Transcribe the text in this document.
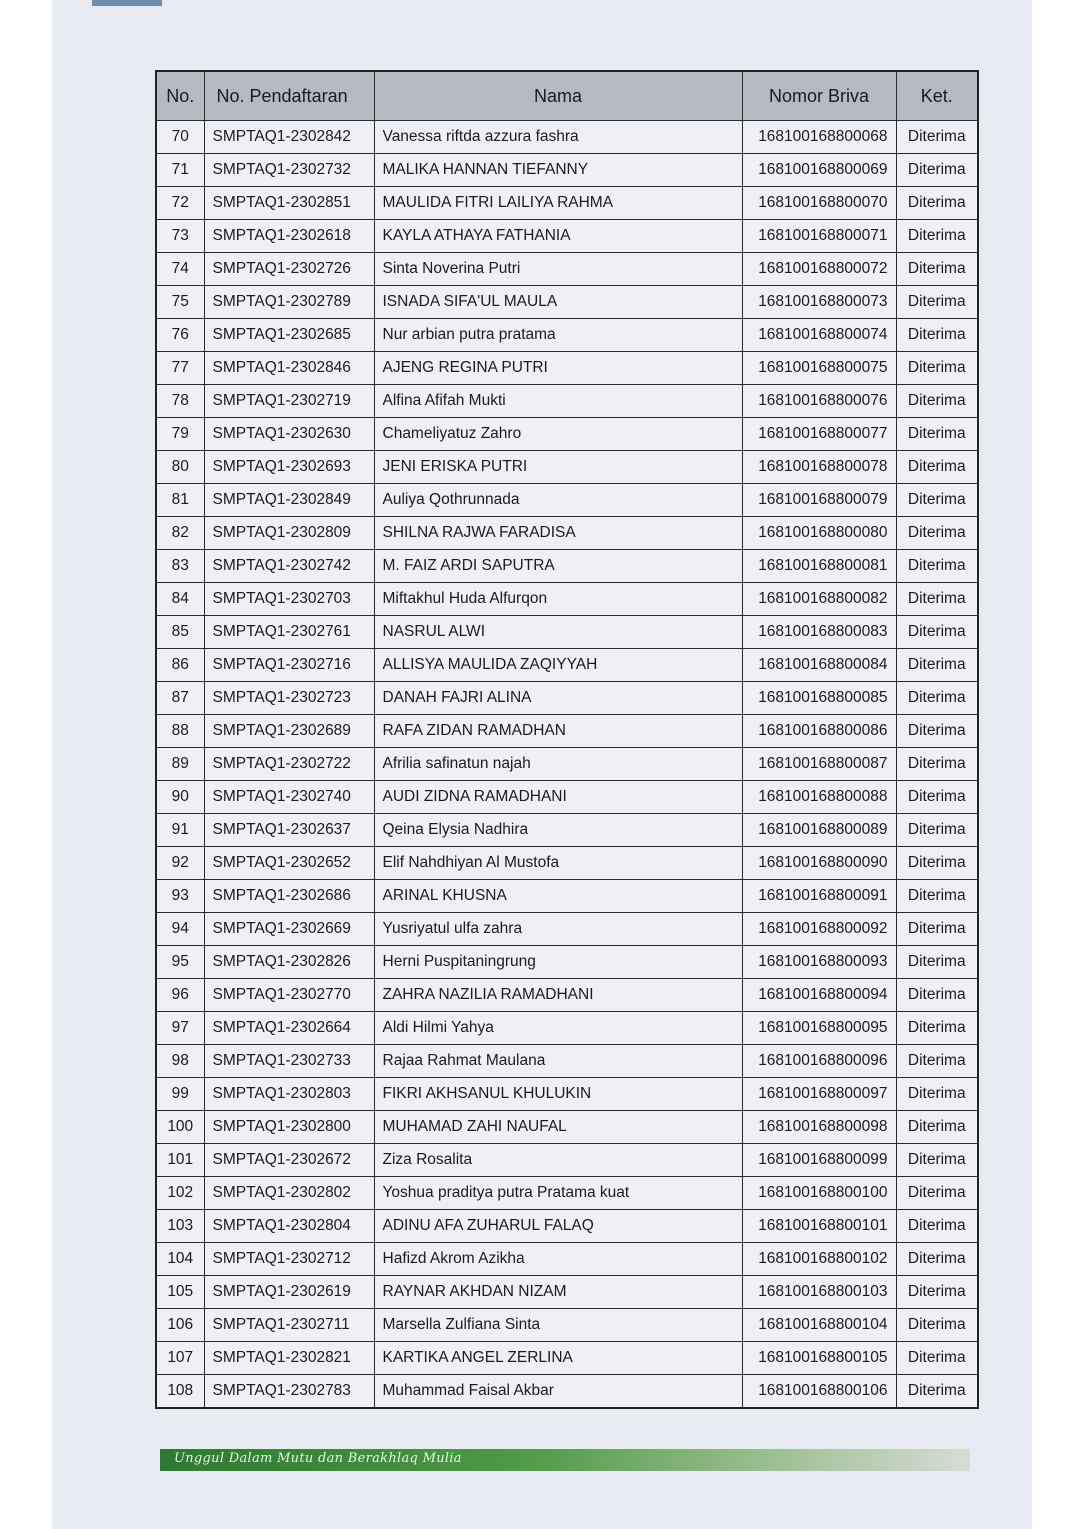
No.	No. Pendaftaran	Nama	Nomor Briva	Ket.
70	SMPTAQ1-2302842	Vanessa riftda azzura fashra	168100168800068	Diterima
71	SMPTAQ1-2302732	MALIKA HANNAN TIEFANNY	168100168800069	Diterima
72	SMPTAQ1-2302851	MAULIDA FITRI LAILIYA RAHMA	168100168800070	Diterima
73	SMPTAQ1-2302618	KAYLA ATHAYA FATHANIA	168100168800071	Diterima
74	SMPTAQ1-2302726	Sinta Noverina Putri	168100168800072	Diterima
75	SMPTAQ1-2302789	ISNADA SIFA'UL MAULA	168100168800073	Diterima
76	SMPTAQ1-2302685	Nur arbian putra pratama	168100168800074	Diterima
77	SMPTAQ1-2302846	AJENG REGINA PUTRI	168100168800075	Diterima
78	SMPTAQ1-2302719	Alfina Afifah Mukti	168100168800076	Diterima
79	SMPTAQ1-2302630	Chameliyatuz Zahro	168100168800077	Diterima
80	SMPTAQ1-2302693	JENI ERISKA PUTRI	168100168800078	Diterima
81	SMPTAQ1-2302849	Auliya Qothrunnada	168100168800079	Diterima
82	SMPTAQ1-2302809	SHILNA RAJWA FARADISA	168100168800080	Diterima
83	SMPTAQ1-2302742	M. FAIZ ARDI SAPUTRA	168100168800081	Diterima
84	SMPTAQ1-2302703	Miftakhul Huda Alfurqon	168100168800082	Diterima
85	SMPTAQ1-2302761	NASRUL ALWI	168100168800083	Diterima
86	SMPTAQ1-2302716	ALLISYA MAULIDA ZAQIYYAH	168100168800084	Diterima
87	SMPTAQ1-2302723	DANAH FAJRI ALINA	168100168800085	Diterima
88	SMPTAQ1-2302689	RAFA ZIDAN RAMADHAN	168100168800086	Diterima
89	SMPTAQ1-2302722	Afrilia safinatun najah	168100168800087	Diterima
90	SMPTAQ1-2302740	AUDI ZIDNA RAMADHANI	168100168800088	Diterima
91	SMPTAQ1-2302637	Qeina Elysia Nadhira	168100168800089	Diterima
92	SMPTAQ1-2302652	Elif Nahdhiyan Al Mustofa	168100168800090	Diterima
93	SMPTAQ1-2302686	ARINAL KHUSNA	168100168800091	Diterima
94	SMPTAQ1-2302669	Yusriyatul ulfa zahra	168100168800092	Diterima
95	SMPTAQ1-2302826	Herni Puspitaningrung	168100168800093	Diterima
96	SMPTAQ1-2302770	ZAHRA NAZILIA RAMADHANI	168100168800094	Diterima
97	SMPTAQ1-2302664	Aldi Hilmi Yahya	168100168800095	Diterima
98	SMPTAQ1-2302733	Rajaa Rahmat Maulana	168100168800096	Diterima
99	SMPTAQ1-2302803	FIKRI AKHSANUL KHULUKIN	168100168800097	Diterima
100	SMPTAQ1-2302800	MUHAMAD ZAHI NAUFAL	168100168800098	Diterima
101	SMPTAQ1-2302672	Ziza Rosalita	168100168800099	Diterima
102	SMPTAQ1-2302802	Yoshua praditya putra Pratama kuat	168100168800100	Diterima
103	SMPTAQ1-2302804	ADINU AFA ZUHARUL FALAQ	168100168800101	Diterima
104	SMPTAQ1-2302712	Hafizd Akrom Azikha	168100168800102	Diterima
105	SMPTAQ1-2302619	RAYNAR AKHDAN NIZAM	168100168800103	Diterima
106	SMPTAQ1-2302711	Marsella Zulfiana Sinta	168100168800104	Diterima
107	SMPTAQ1-2302821	KARTIKA ANGEL ZERLINA	168100168800105	Diterima
108	SMPTAQ1-2302783	Muhammad Faisal Akbar	168100168800106	Diterima
Unggul Dalam Mutu dan Berakhlaq Mulia
